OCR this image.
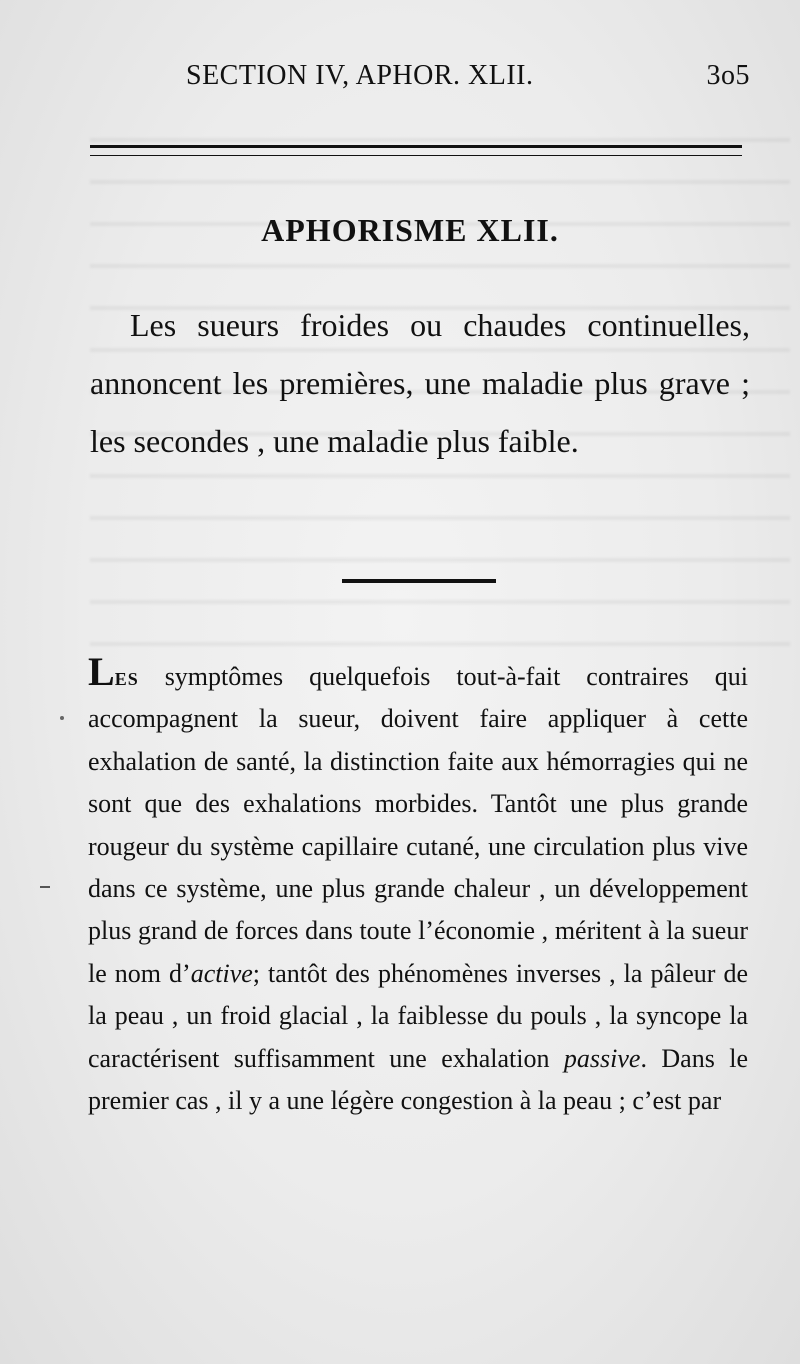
SECTION IV, APHOR. XLII.	3o5
APHORISME XLII.

Les sueurs froides ou chaudes continuelles, annoncent les premières, une maladie plus grave ; les secondes , une maladie plus faible.

Les symptômes quelquefois tout-à-fait contraires qui accompagnent la sueur, doivent faire appliquer à cette exhalation de santé, la distinction faite aux hémorragies qui ne sont que des exhalations morbides. Tantôt une plus grande rougeur du système capillaire cutané, une circulation plus vive dans ce système, une plus grande chaleur , un développement plus grand de forces dans toute l’économie , méritent à la sueur le nom d’active; tantôt des phénomènes inverses , la pâleur de la peau , un froid glacial , la faiblesse du pouls , la syncope la caractérisent suffisamment une exhalation passive. Dans le premier cas , il y a une légère congestion à la peau ; c’est par
